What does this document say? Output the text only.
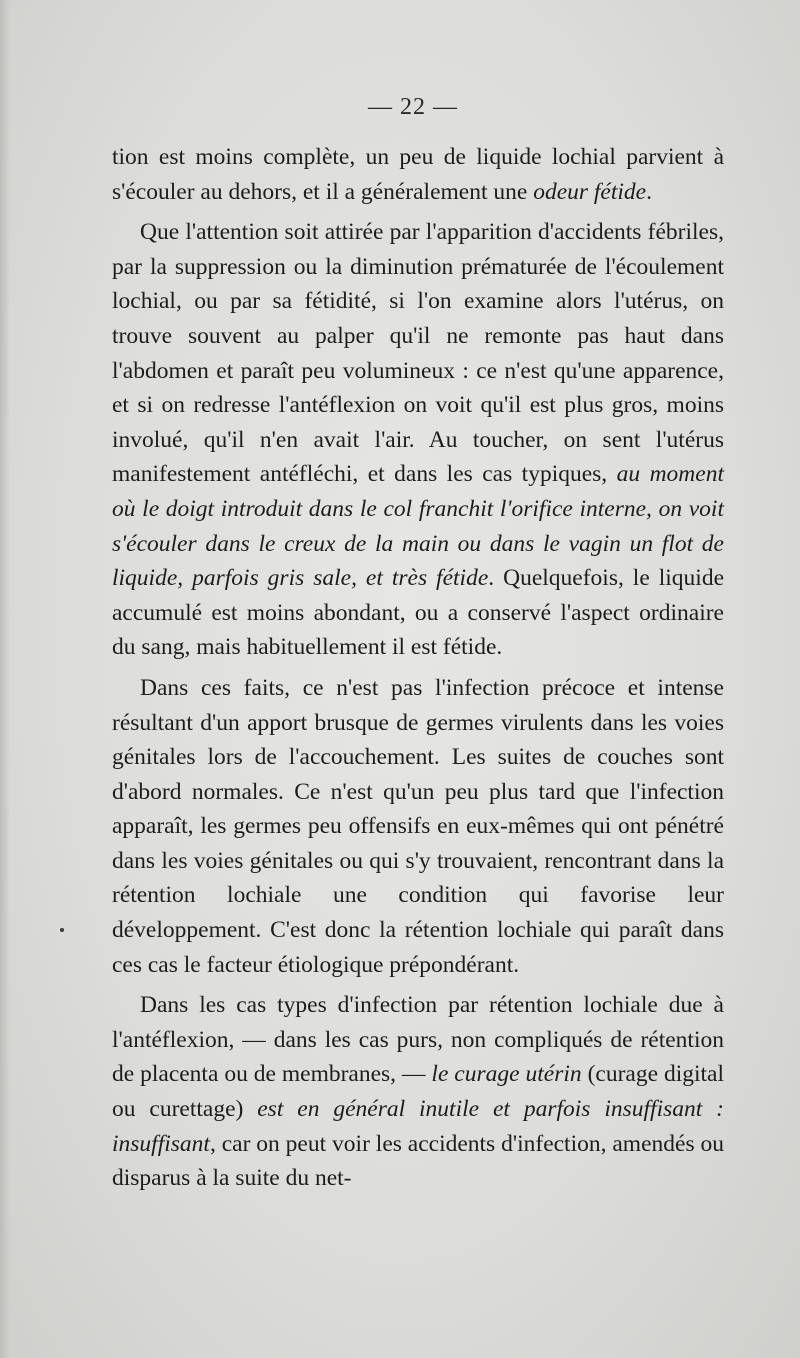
— 22 —

tion est moins complète, un peu de liquide lochial parvient à s'écouler au dehors, et il a généralement une odeur fétide.

Que l'attention soit attirée par l'apparition d'accidents fébriles, par la suppression ou la diminution prématurée de l'écoulement lochial, ou par sa fétidité, si l'on examine alors l'utérus, on trouve souvent au palper qu'il ne remonte pas haut dans l'abdomen et paraît peu volumineux : ce n'est qu'une apparence, et si on redresse l'antéflexion on voit qu'il est plus gros, moins involué, qu'il n'en avait l'air. Au toucher, on sent l'utérus manifestement antéfléchi, et dans les cas typiques, au moment où le doigt introduit dans le col franchit l'orifice interne, on voit s'écouler dans le creux de la main ou dans le vagin un flot de liquide, parfois gris sale, et très fétide. Quelquefois, le liquide accumulé est moins abondant, ou a conservé l'aspect ordinaire du sang, mais habituellement il est fétide.

Dans ces faits, ce n'est pas l'infection précoce et intense résultant d'un apport brusque de germes virulents dans les voies génitales lors de l'accouchement. Les suites de couches sont d'abord normales. Ce n'est qu'un peu plus tard que l'infection apparaît, les germes peu offensifs en eux-mêmes qui ont pénétré dans les voies génitales ou qui s'y trouvaient, rencontrant dans la rétention lochiale une condition qui favorise leur développement. C'est donc la rétention lochiale qui paraît dans ces cas le facteur étiologique prépondérant.

Dans les cas types d'infection par rétention lochiale due à l'antéflexion, — dans les cas purs, non compliqués de rétention de placenta ou de membranes, — le curage utérin (curage digital ou curettage) est en général inutile et parfois insuffisant : insuffisant, car on peut voir les accidents d'infection, amendés ou disparus à la suite du net-
